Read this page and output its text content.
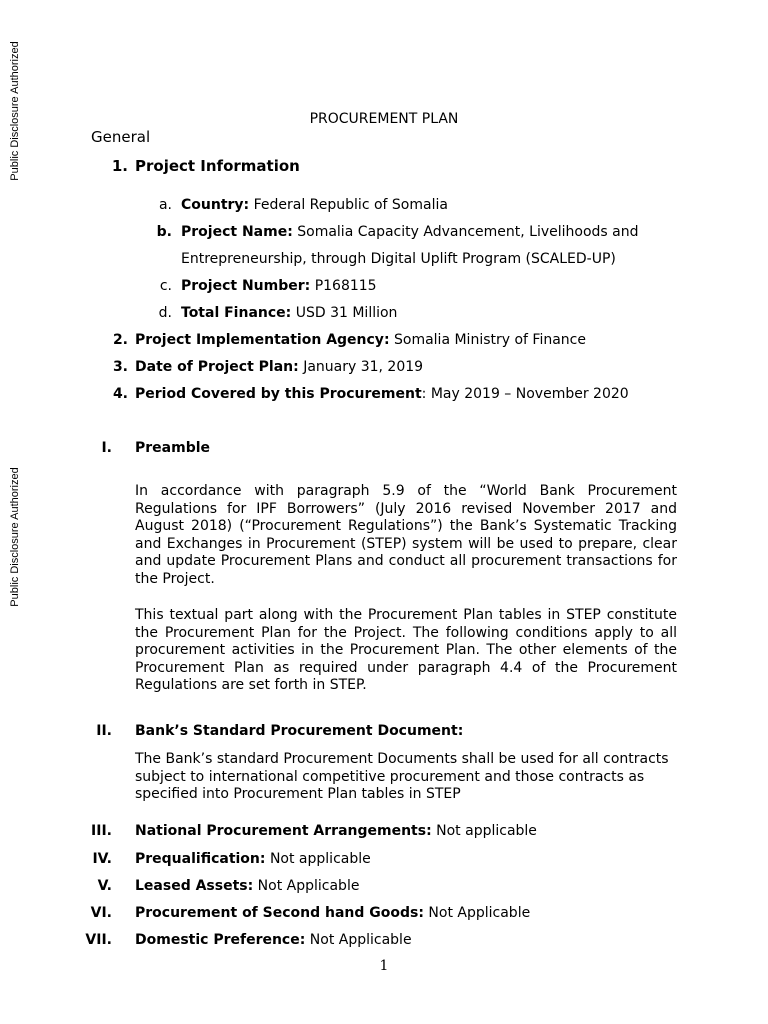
Public Disclosure Authorized
Public Disclosure Authorized
PROCUREMENT PLAN
General
1. Project Information
a. Country: Federal Republic of Somalia
b. Project Name: Somalia Capacity Advancement, Livelihoods and
Entrepreneurship, through Digital Uplift Program (SCALED-UP)
c. Project Number: P168115
d. Total Finance: USD 31 Million
2. Project Implementation Agency: Somalia Ministry of Finance
3. Date of Project Plan: January 31, 2019
4. Period Covered by this Procurement: May 2019 – November 2020
I. Preamble

In accordance with paragraph 5.9 of the “World Bank Procurement Regulations for IPF Borrowers” (July 2016 revised November 2017 and August 2018) (“Procurement Regulations”) the Bank’s Systematic Tracking and Exchanges in Procurement (STEP) system will be used to prepare, clear and update Procurement Plans and conduct all procurement transactions for the Project.

This textual part along with the Procurement Plan tables in STEP constitute the Procurement Plan for the Project. The following conditions apply to all procurement activities in the Procurement Plan. The other elements of the Procurement Plan as required under paragraph 4.4 of the Procurement Regulations are set forth in STEP.

II. Bank’s Standard Procurement Document:

The Bank’s standard Procurement Documents shall be used for all contracts subject to international competitive procurement and those contracts as specified into Procurement Plan tables in STEP

III. National Procurement Arrangements: Not applicable
IV. Prequalification: Not applicable
V. Leased Assets: Not Applicable
VI. Procurement of Second hand Goods: Not Applicable
VII. Domestic Preference: Not Applicable
1
